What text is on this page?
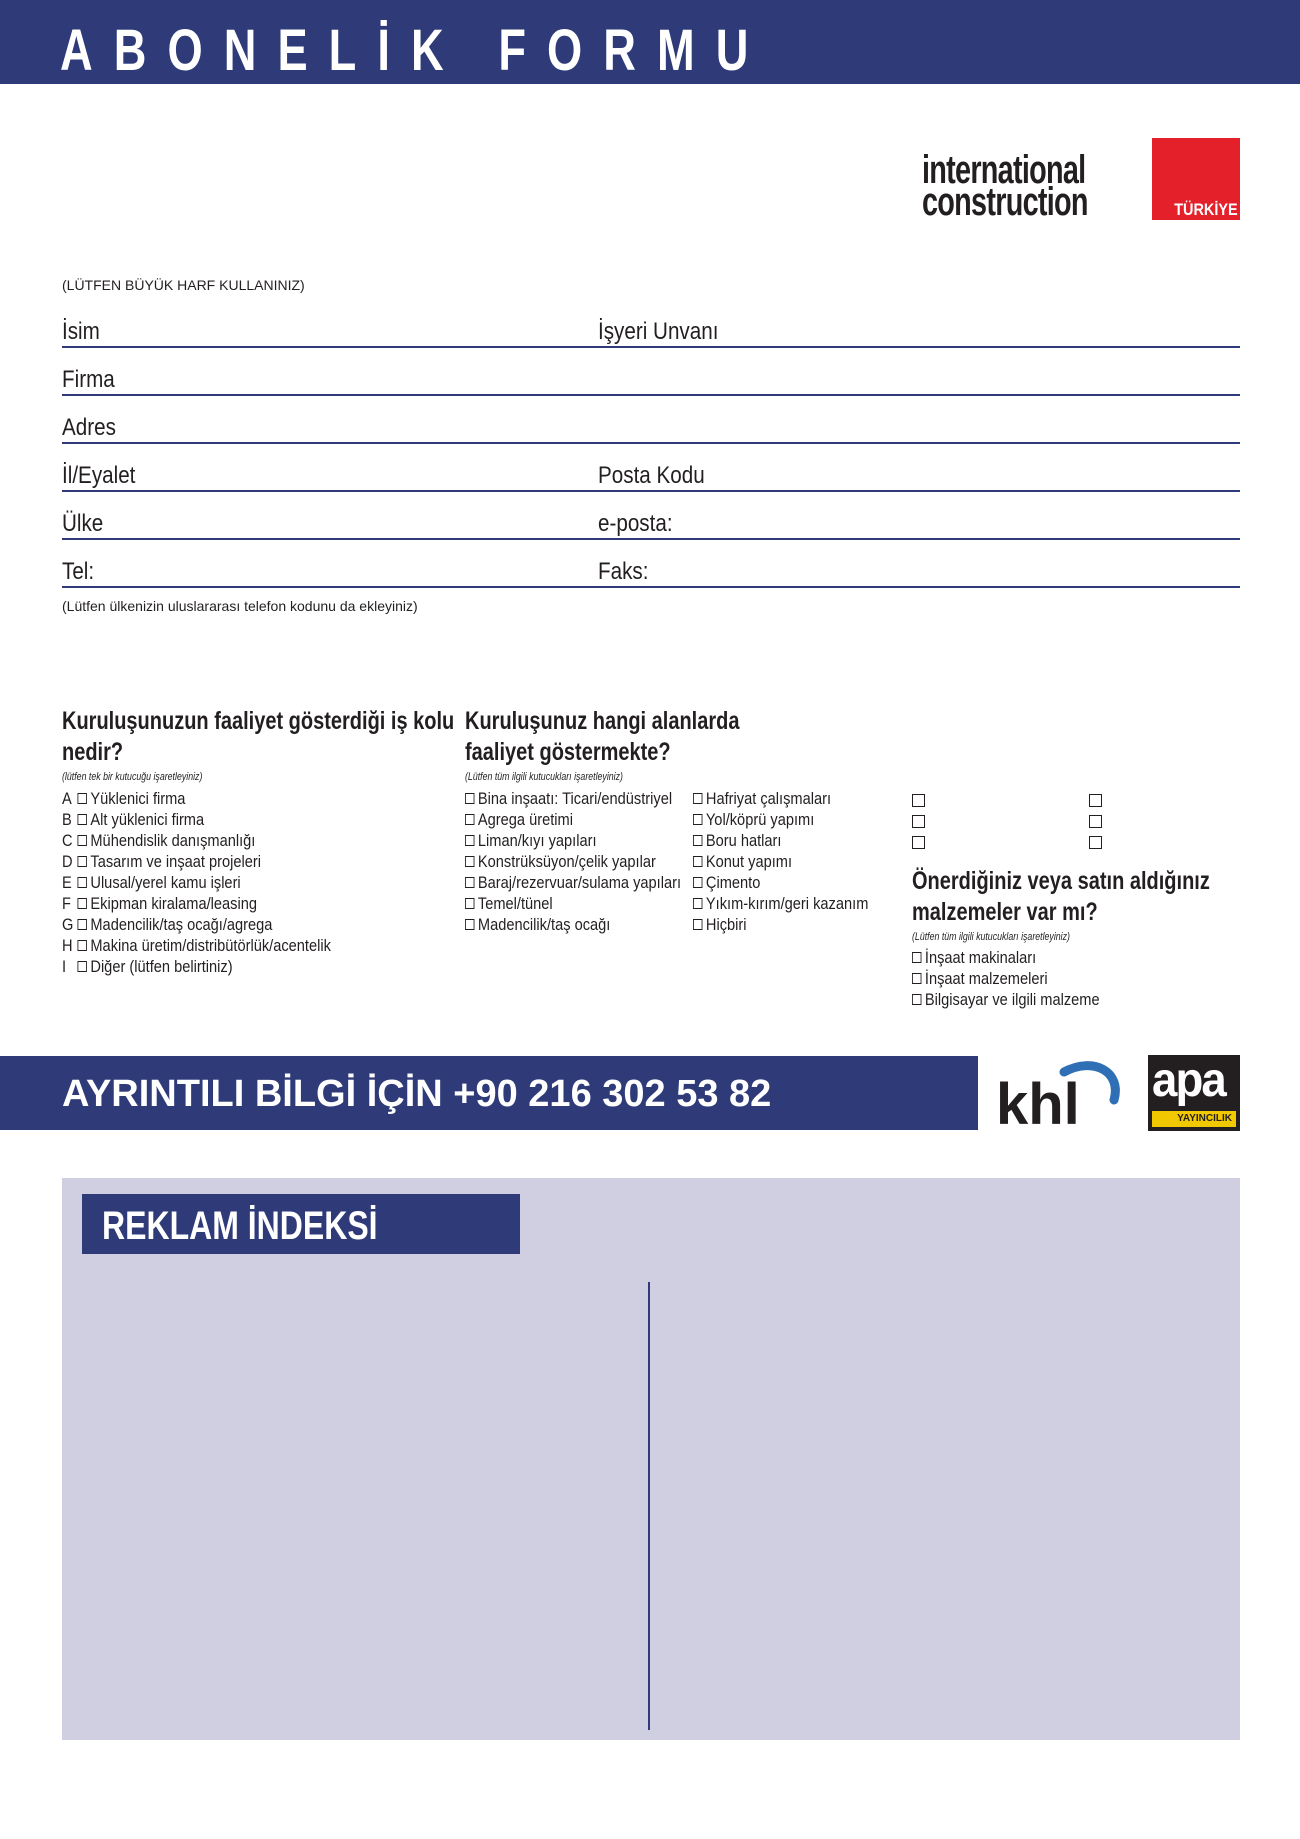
ABONELİK FORMU
international
construction	TÜRKİYE
(LÜTFEN BÜYÜK HARF KULLANINIZ)
İsim	İşyeri Unvanı
Firma
Adres
İl/Eyalet	Posta Kodu
Ülke	e-posta:
Tel:	Faks:
(Lütfen ülkenizin uluslararası telefon kodunu da ekleyiniz)
Kuruluşunuzun faaliyet gösterdiği iş kolu
nedir?
(lütfen tek bir kutucuğu işaretleyiniz)
A Yüklenici firma
B Alt yüklenici firma
C Mühendislik danışmanlığı
D Tasarım ve inşaat projeleri
E Ulusal/yerel kamu işleri
F Ekipman kiralama/leasing
G Madencilik/taş ocağı/agrega
H Makina üretim/distribütörlük/acentelik
I Diğer (lütfen belirtiniz)
Kuruluşunuz hangi alanlarda
faaliyet göstermekte?
(Lütfen tüm ilgili kutucukları işaretleyiniz)
Bina inşaatı: Ticari/endüstriyel
Agrega üretimi
Liman/kıyı yapıları
Konstrüksüyon/çelik yapılar
Baraj/rezervuar/sulama yapıları
Temel/tünel
Madencilik/taş ocağı
Hafriyat çalışmaları
Yol/köprü yapımı
Boru hatları
Konut yapımı
Çimento
Yıkım-kırım/geri kazanım
Hiçbiri
Önerdiğiniz veya satın aldığınız
malzemeler var mı?
(Lütfen tüm ilgili kutucukları işaretleyiniz)
İnşaat makinaları
İnşaat malzemeleri
Bilgisayar ve ilgili malzeme
AYRINTILI BİLGİ İÇİN +90 216 302 53 82	khl apa
YAYINCILIK
REKLAM İNDEKSİ
